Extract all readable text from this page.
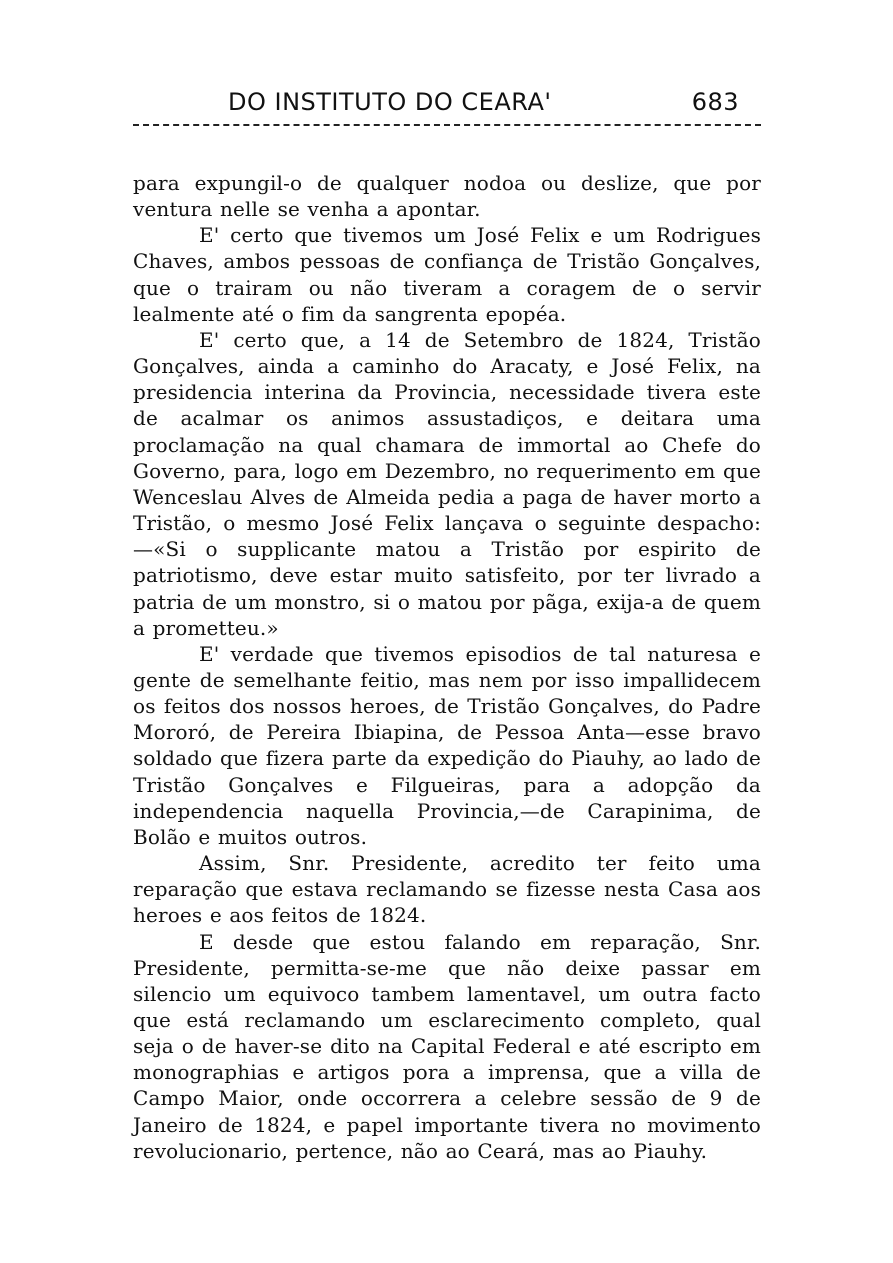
DO INSTITUTO DO CEARA'	683

para expungil-o de qualquer nodoa ou deslize, que por ventura nelle se venha a apontar.

E' certo que tivemos um José Felix e um Rodrigues Chaves, ambos pessoas de confiança de Tristão Gonçalves, que o trairam ou não tiveram a coragem de o servir lealmente até o fim da sangrenta epopéa.

E' certo que, a 14 de Setembro de 1824, Tristão Gonçalves, ainda a caminho do Aracaty, e José Felix, na presidencia interina da Provincia, necessidade tivera este de acalmar os animos assustadiços, e deitara uma proclamação na qual chamara de immortal ao Chefe do Governo, para, logo em Dezembro, no requerimento em que Wenceslau Alves de Almeida pedia a paga de haver morto a Tristão, o mesmo José Felix lançava o seguinte despacho:—«Si o supplicante matou a Tristão por espirito de patriotismo, deve estar muito satisfeito, por ter livrado a patria de um monstro, si o matou por pãga, exija-a de quem a prometteu.»

E' verdade que tivemos episodios de tal naturesa e gente de semelhante feitio, mas nem por isso impallidecem os feitos dos nossos heroes, de Tristão Gonçalves, do Padre Mororó, de Pereira Ibiapina, de Pessoa Anta—esse bravo soldado que fizera parte da expedição do Piauhy, ao lado de Tristão Gonçalves e Filgueiras, para a adopção da independencia naquella Provincia,—de Carapinima, de Bolão e muitos outros.

Assim, Snr. Presidente, acredito ter feito uma reparação que estava reclamando se fizesse nesta Casa aos heroes e aos feitos de 1824.

E desde que estou falando em reparação, Snr. Presidente, permitta-se-me que não deixe passar em silencio um equivoco tambem lamentavel, um outra facto que está reclamando um esclarecimento completo, qual seja o de haver-se dito na Capital Federal e até escripto em monographias e artigos pora a imprensa, que a villa de Campo Maior, onde occorrera a celebre sessão de 9 de Janeiro de 1824, e papel importante tivera no movimento revolucionario, pertence, não ao Ceará, mas ao Piauhy.
